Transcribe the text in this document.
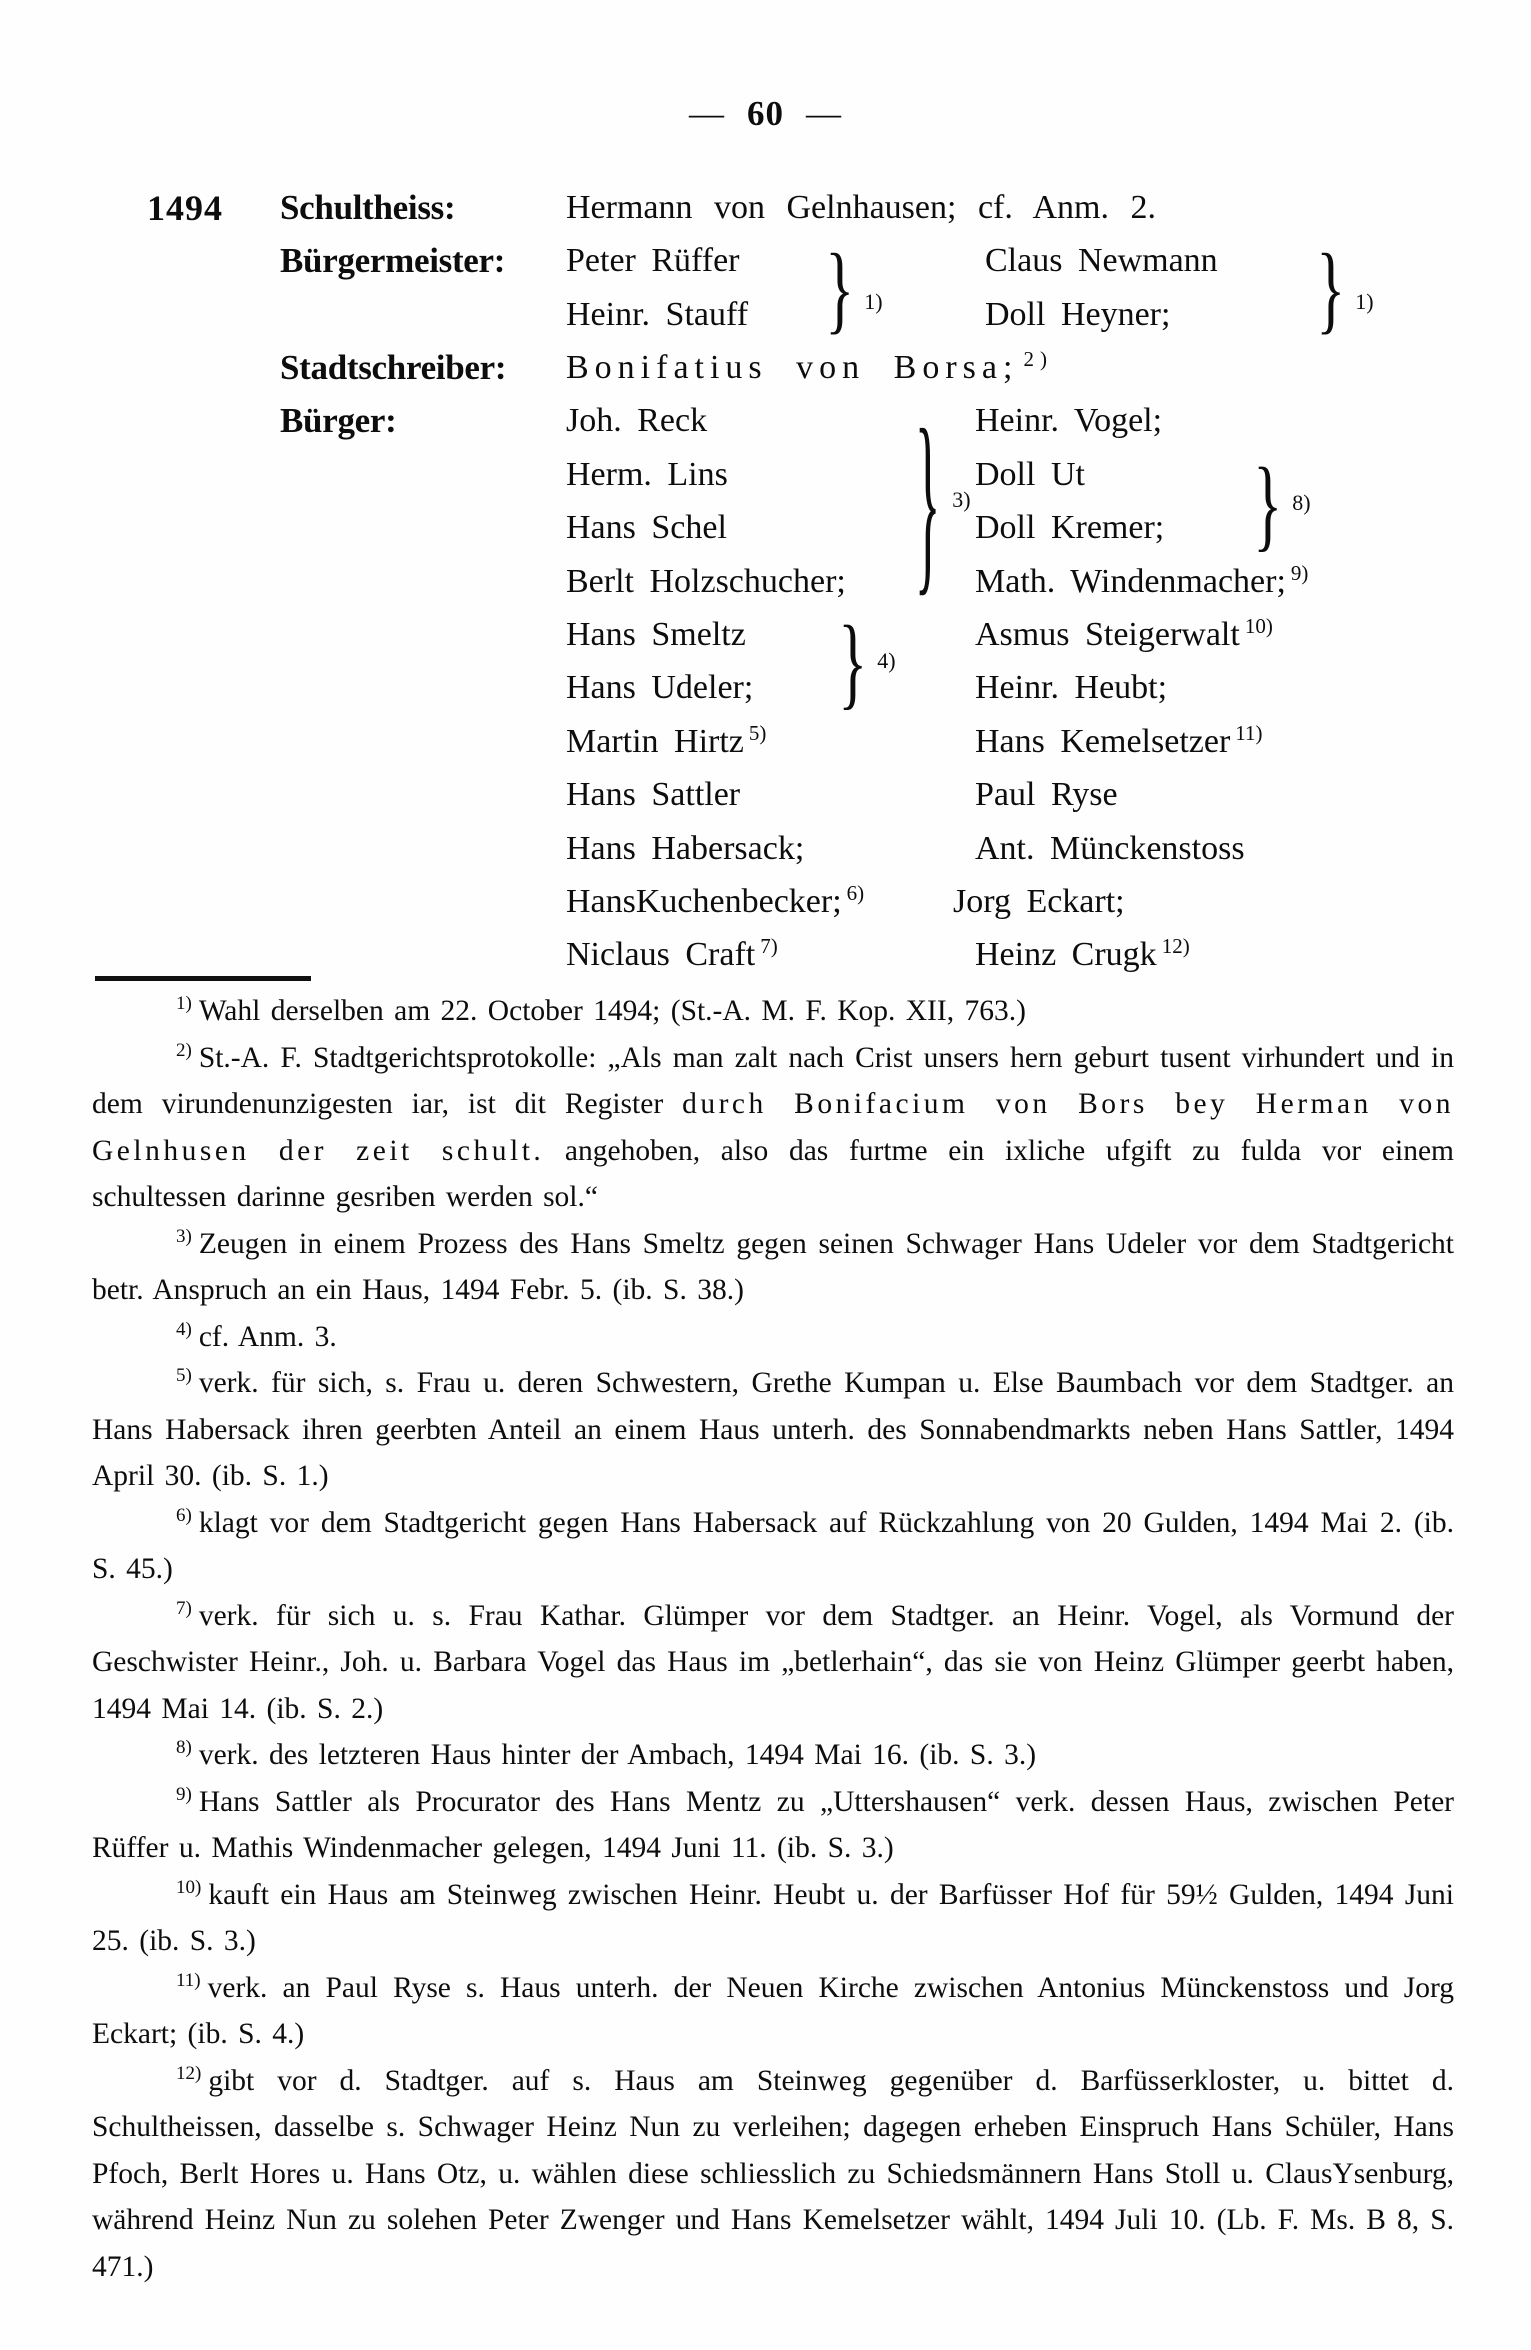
— 60 —
1494 Schultheiss:	Hermann von Gelnhausen; cf. Anm. 2.
Bürgermeister: Peter Rüffer	Claus Newmann
Heinr. Stauff	Doll Heyner;
Stadtschreiber: Bonifatius von Borsa; $^{2)}$
Bürger:	Joh. Reck	Heinr. Vogel;
Herm. Lins	Doll Ut
Hans Schel	Doll Kremer;
Berlt Holzschucher;	Math. Windenmacher; $^{9)}$
Hans Smeltz	Asmus Steigerwalt $^{10)}$
Hans Udeler;	Heinr. Heubt;
Martin Hirtz $^{5)}$	Hans Kemelsetzer $^{11)}$
Hans Sattler	Paul Ryse
Hans Habersack;	Ant. Münckenstoss
HansKuchenbecker; $^{6)}$	Jorg Eckart;
Niclaus Craft $^{7)}$	Heinz Crugk $^{12)}$
} 1)	} 1)
} 3)	} 8)
} 4)

$^{1)}$ Wahl derselben am 22. October 1494; (St.-A. M. F. Kop. XII, 763.)

$^{2)}$ St.-A. F. Stadtgerichtsprotokolle: „Als man zalt nach Crist unsers hern geburt tusent virhundert und in dem virundenunzigesten iar, ist dit Register durch Bonifacium von Bors bey Herman von Gelnhusen der zeit schult. angehoben, also das furtme ein ixliche ufgift zu fulda vor einem schultessen darinne gesriben werden sol.“

$^{3)}$ Zeugen in einem Prozess des Hans Smeltz gegen seinen Schwager Hans Udeler vor dem Stadtgericht betr. Anspruch an ein Haus, 1494 Febr. 5. (ib. S. 38.)

$^{4)}$ cf. Anm. 3.

$^{5)}$ verk. für sich, s. Frau u. deren Schwestern, Grethe Kumpan u. Else Baumbach vor dem Stadtger. an Hans Habersack ihren geerbten Anteil an einem Haus unterh. des Sonnabendmarkts neben Hans Sattler, 1494 April 30. (ib. S. 1.)

$^{6)}$ klagt vor dem Stadtgericht gegen Hans Habersack auf Rückzahlung von 20 Gulden, 1494 Mai 2. (ib. S. 45.)

$^{7)}$ verk. für sich u. s. Frau Kathar. Glümper vor dem Stadtger. an Heinr. Vogel, als Vormund der Geschwister Heinr., Joh. u. Barbara Vogel das Haus im „betlerhain“, das sie von Heinz Glümper geerbt haben, 1494 Mai 14. (ib. S. 2.)

$^{8)}$ verk. des letzteren Haus hinter der Ambach, 1494 Mai 16. (ib. S. 3.)

$^{9)}$ Hans Sattler als Procurator des Hans Mentz zu „Uttershausen“ verk. dessen Haus, zwischen Peter Rüffer u. Mathis Windenmacher gelegen, 1494 Juni 11. (ib. S. 3.)

$^{10)}$ kauft ein Haus am Steinweg zwischen Heinr. Heubt u. der Barfüsser Hof für 59½ Gulden, 1494 Juni 25. (ib. S. 3.)

$^{11)}$ verk. an Paul Ryse s. Haus unterh. der Neuen Kirche zwischen Antonius Münckenstoss und Jorg Eckart; (ib. S. 4.)

$^{12)}$ gibt vor d. Stadtger. auf s. Haus am Steinweg gegenüber d. Barfüsserkloster, u. bittet d. Schultheissen, dasselbe s. Schwager Heinz Nun zu verleihen; dagegen erheben Einspruch Hans Schüler, Hans Pfoch, Berlt Hores u. Hans Otz, u. wählen diese schliesslich zu Schiedsmännern Hans Stoll u. ClausYsenburg, während Heinz Nun zu solehen Peter Zwenger und Hans Kemelsetzer wählt, 1494 Juli 10. (Lb. F. Ms. B 8, S. 471.)
